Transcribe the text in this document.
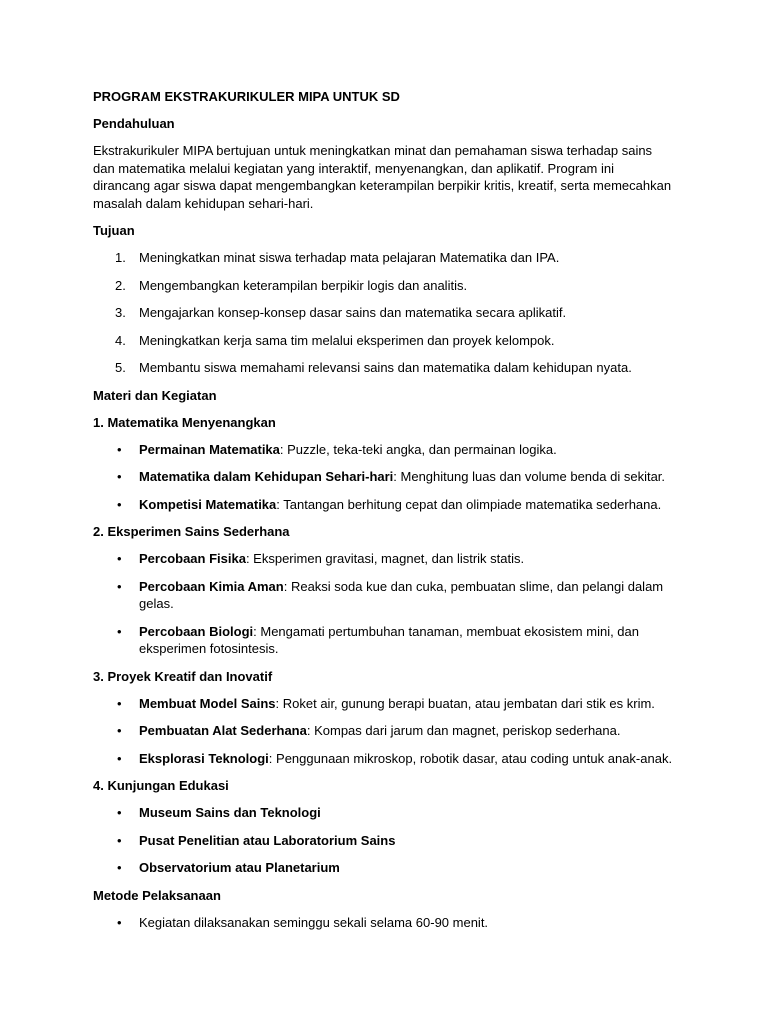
PROGRAM EKSTRAKURIKULER MIPA UNTUK SD
Pendahuluan
Ekstrakurikuler MIPA bertujuan untuk meningkatkan minat dan pemahaman siswa terhadap sains dan matematika melalui kegiatan yang interaktif, menyenangkan, dan aplikatif. Program ini dirancang agar siswa dapat mengembangkan keterampilan berpikir kritis, kreatif, serta memecahkan masalah dalam kehidupan sehari-hari.
Tujuan
1. Meningkatkan minat siswa terhadap mata pelajaran Matematika dan IPA.
2. Mengembangkan keterampilan berpikir logis dan analitis.
3. Mengajarkan konsep-konsep dasar sains dan matematika secara aplikatif.
4. Meningkatkan kerja sama tim melalui eksperimen dan proyek kelompok.
5. Membantu siswa memahami relevansi sains dan matematika dalam kehidupan nyata.
Materi dan Kegiatan
1. Matematika Menyenangkan
• Permainan Matematika: Puzzle, teka-teki angka, dan permainan logika.
• Matematika dalam Kehidupan Sehari-hari: Menghitung luas dan volume benda di sekitar.
• Kompetisi Matematika: Tantangan berhitung cepat dan olimpiade matematika sederhana.
2. Eksperimen Sains Sederhana
• Percobaan Fisika: Eksperimen gravitasi, magnet, dan listrik statis.
• Percobaan Kimia Aman: Reaksi soda kue dan cuka, pembuatan slime, dan pelangi dalam gelas.
• Percobaan Biologi: Mengamati pertumbuhan tanaman, membuat ekosistem mini, dan eksperimen fotosintesis.
3. Proyek Kreatif dan Inovatif
• Membuat Model Sains: Roket air, gunung berapi buatan, atau jembatan dari stik es krim.
• Pembuatan Alat Sederhana: Kompas dari jarum dan magnet, periskop sederhana.
• Eksplorasi Teknologi: Penggunaan mikroskop, robotik dasar, atau coding untuk anak-anak.
4. Kunjungan Edukasi
• Museum Sains dan Teknologi
• Pusat Penelitian atau Laboratorium Sains
• Observatorium atau Planetarium
Metode Pelaksanaan
• Kegiatan dilaksanakan seminggu sekali selama 60-90 menit.
